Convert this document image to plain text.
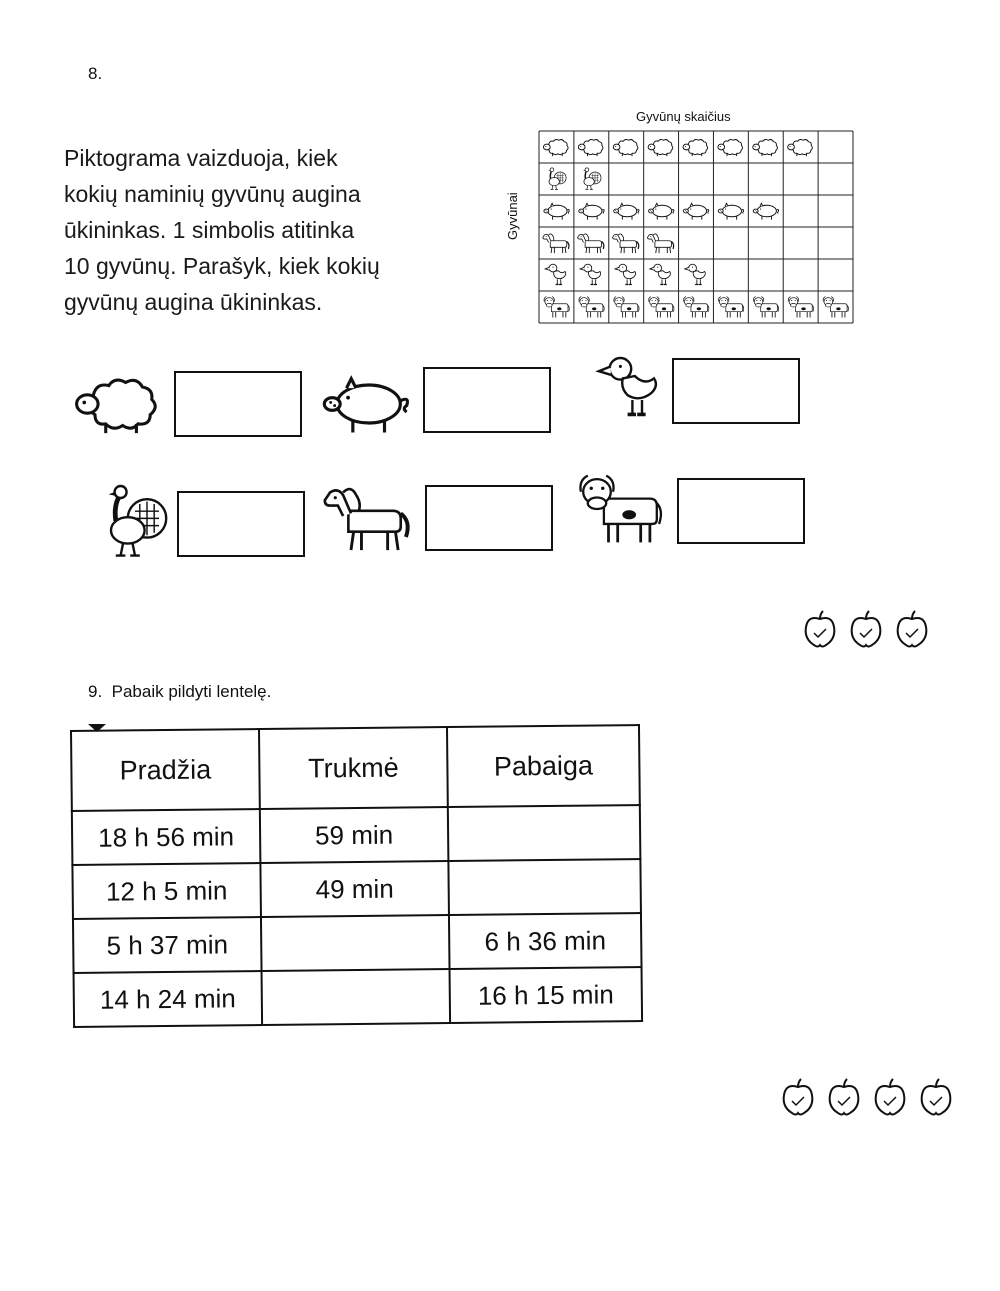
8.
Piktograma vaizduoja, kiek
kokių naminių gyvūnų augina
ūkininkas. 1 simbolis atitinka
10 gyvūnų. Parašyk, kiek kokių
gyvūnų augina ūkininkas.
Gyvūnų skaičius
Gyvūnai
9. Pabaik pildyti lentelę.
Pradžia	Trukmė	Pabaiga
18 h 56 min	59 min	
12 h 5 min	49 min	
5 h 37 min		6 h 36 min
14 h 24 min		16 h 15 min
